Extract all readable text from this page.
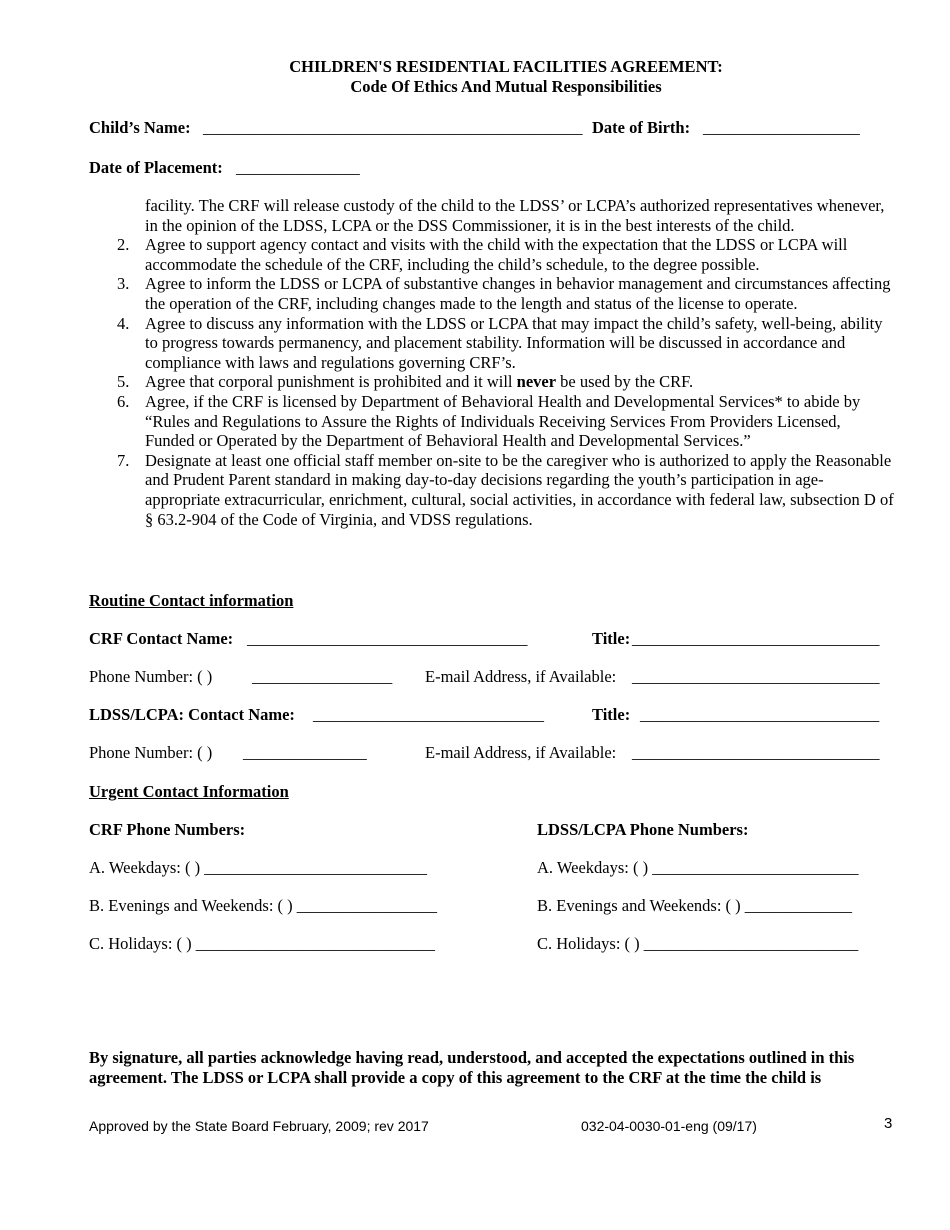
CHILDREN'S RESIDENTIAL FACILITIES AGREEMENT:
Code Of Ethics And Mutual Responsibilities
Child’s Name: ______________________________________________ Date of Birth: ___________________
Date of Placement: _______________
facility. The CRF will release custody of the child to the LDSS’ or LCPA’s authorized representatives whenever, in the opinion of the LDSS, LCPA or the DSS Commissioner, it is in the best interests of the child.
2. Agree to support agency contact and visits with the child with the expectation that the LDSS or LCPA will accommodate the schedule of the CRF, including the child’s schedule, to the degree possible.
3. Agree to inform the LDSS or LCPA of substantive changes in behavior management and circumstances affecting the operation of the CRF, including changes made to the length and status of the license to operate.
4. Agree to discuss any information with the LDSS or LCPA that may impact the child’s safety, well-being, ability to progress towards permanency, and placement stability. Information will be discussed in accordance and compliance with laws and regulations governing CRF’s.
5. Agree that corporal punishment is prohibited and it will never be used by the CRF.
6. Agree, if the CRF is licensed by Department of Behavioral Health and Developmental Services* to abide by “Rules and Regulations to Assure the Rights of Individuals Receiving Services From Providers Licensed, Funded or Operated by the Department of Behavioral Health and Developmental Services.”
7. Designate at least one official staff member on-site to be the caregiver who is authorized to apply the Reasonable and Prudent Parent standard in making day-to-day decisions regarding the youth’s participation in age-appropriate extracurricular, enrichment, cultural, social activities, in accordance with federal law, subsection D of § 63.2-904 of the Code of Virginia, and VDSS regulations.
Routine Contact information
CRF Contact Name: __________________________________	Title: ______________________________
Phone Number: ( ) _________________ E-mail Address, if Available: ______________________________
LDSS/LCPA: Contact Name: ____________________________	Title: _____________________________
Phone Number: ( ) _______________	E-mail Address, if Available: ______________________________
Urgent Contact Information
CRF Phone Numbers:	LDSS/LCPA Phone Numbers:
A. Weekdays: ( ) ___________________________	A. Weekdays: ( ) _________________________
B. Evenings and Weekends: ( ) _________________	B. Evenings and Weekends: ( ) _____________
C. Holidays: ( ) _____________________________	C. Holidays: ( ) __________________________
By signature, all parties acknowledge having read, understood, and accepted the expectations outlined in this agreement. The LDSS or LCPA shall provide a copy of this agreement to the CRF at the time the child is
Approved by the State Board February, 2009; rev 2017	032-04-0030-01-eng (09/17)	3
